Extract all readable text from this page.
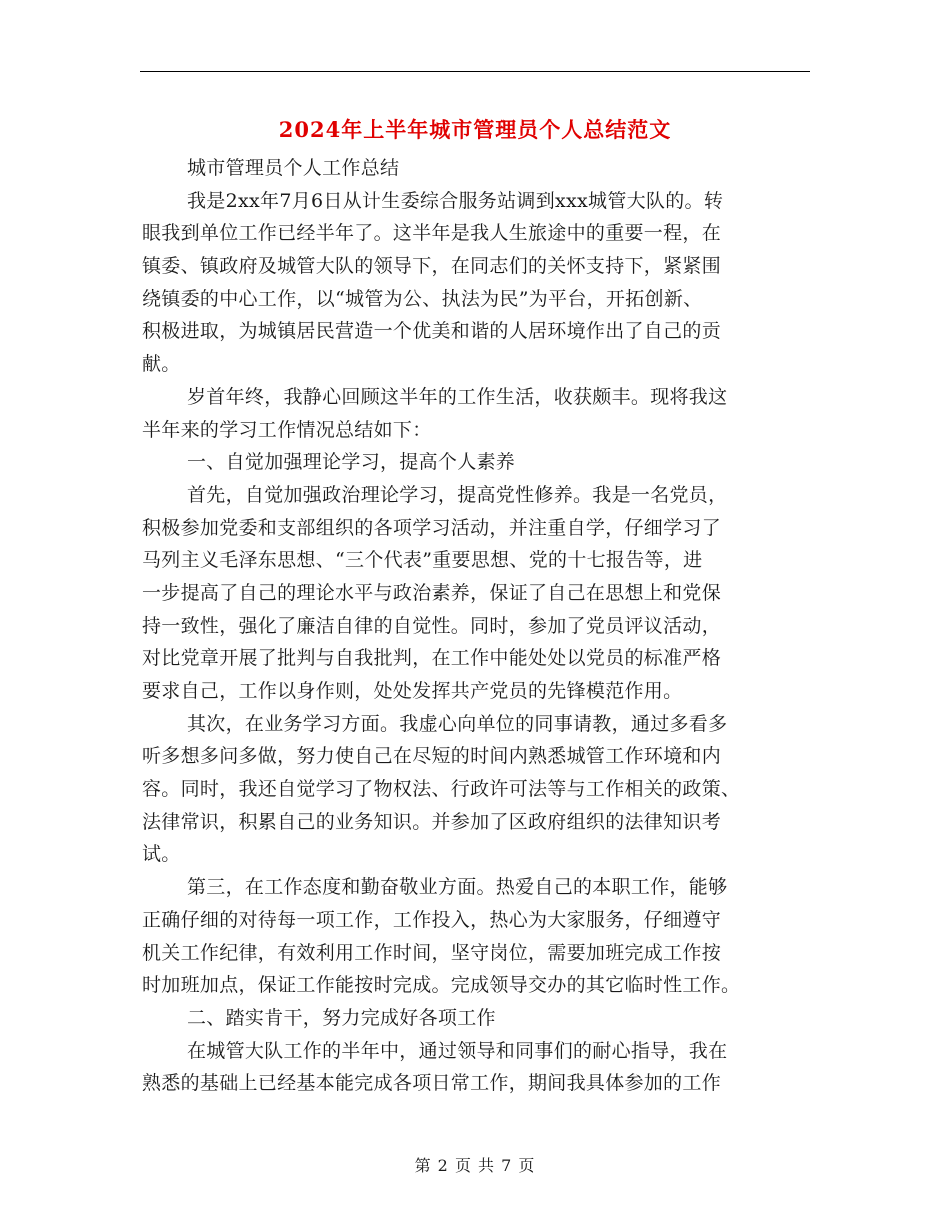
2024年上半年城市管理员个人总结范文
城市管理员个人工作总结
我是2xx年7月6日从计生委综合服务站调到xxx城管大队的。转
眼我到单位工作已经半年了。这半年是我人生旅途中的重要一程，在
镇委、镇政府及城管大队的领导下，在同志们的关怀支持下，紧紧围
绕镇委的中心工作，以“城管为公、执法为民”为平台，开拓创新、
积极进取，为城镇居民营造一个优美和谐的人居环境作出了自己的贡
献。
岁首年终，我静心回顾这半年的工作生活，收获颇丰。现将我这
半年来的学习工作情况总结如下：
一、自觉加强理论学习，提高个人素养
首先，自觉加强政治理论学习，提高党性修养。我是一名党员，
积极参加党委和支部组织的各项学习活动，并注重自学，仔细学习了
马列主义毛泽东思想、“三个代表”重要思想、党的十七报告等，进
一步提高了自己的理论水平与政治素养，保证了自己在思想上和党保
持一致性，强化了廉洁自律的自觉性。同时，参加了党员评议活动，
对比党章开展了批判与自我批判，在工作中能处处以党员的标准严格
要求自己，工作以身作则，处处发挥共产党员的先锋模范作用。
其次，在业务学习方面。我虚心向单位的同事请教，通过多看多
听多想多问多做，努力使自己在尽短的时间内熟悉城管工作环境和内
容。同时，我还自觉学习了物权法、行政许可法等与工作相关的政策、
法律常识，积累自己的业务知识。并参加了区政府组织的法律知识考
试。
第三，在工作态度和勤奋敬业方面。热爱自己的本职工作，能够
正确仔细的对待每一项工作，工作投入，热心为大家服务，仔细遵守
机关工作纪律，有效利用工作时间，坚守岗位，需要加班完成工作按
时加班加点，保证工作能按时完成。完成领导交办的其它临时性工作。
二、踏实肯干，努力完成好各项工作
在城管大队工作的半年中，通过领导和同事们的耐心指导，我在
熟悉的基础上已经基本能完成各项日常工作，期间我具体参加的工作
第 2 页 共 7 页
